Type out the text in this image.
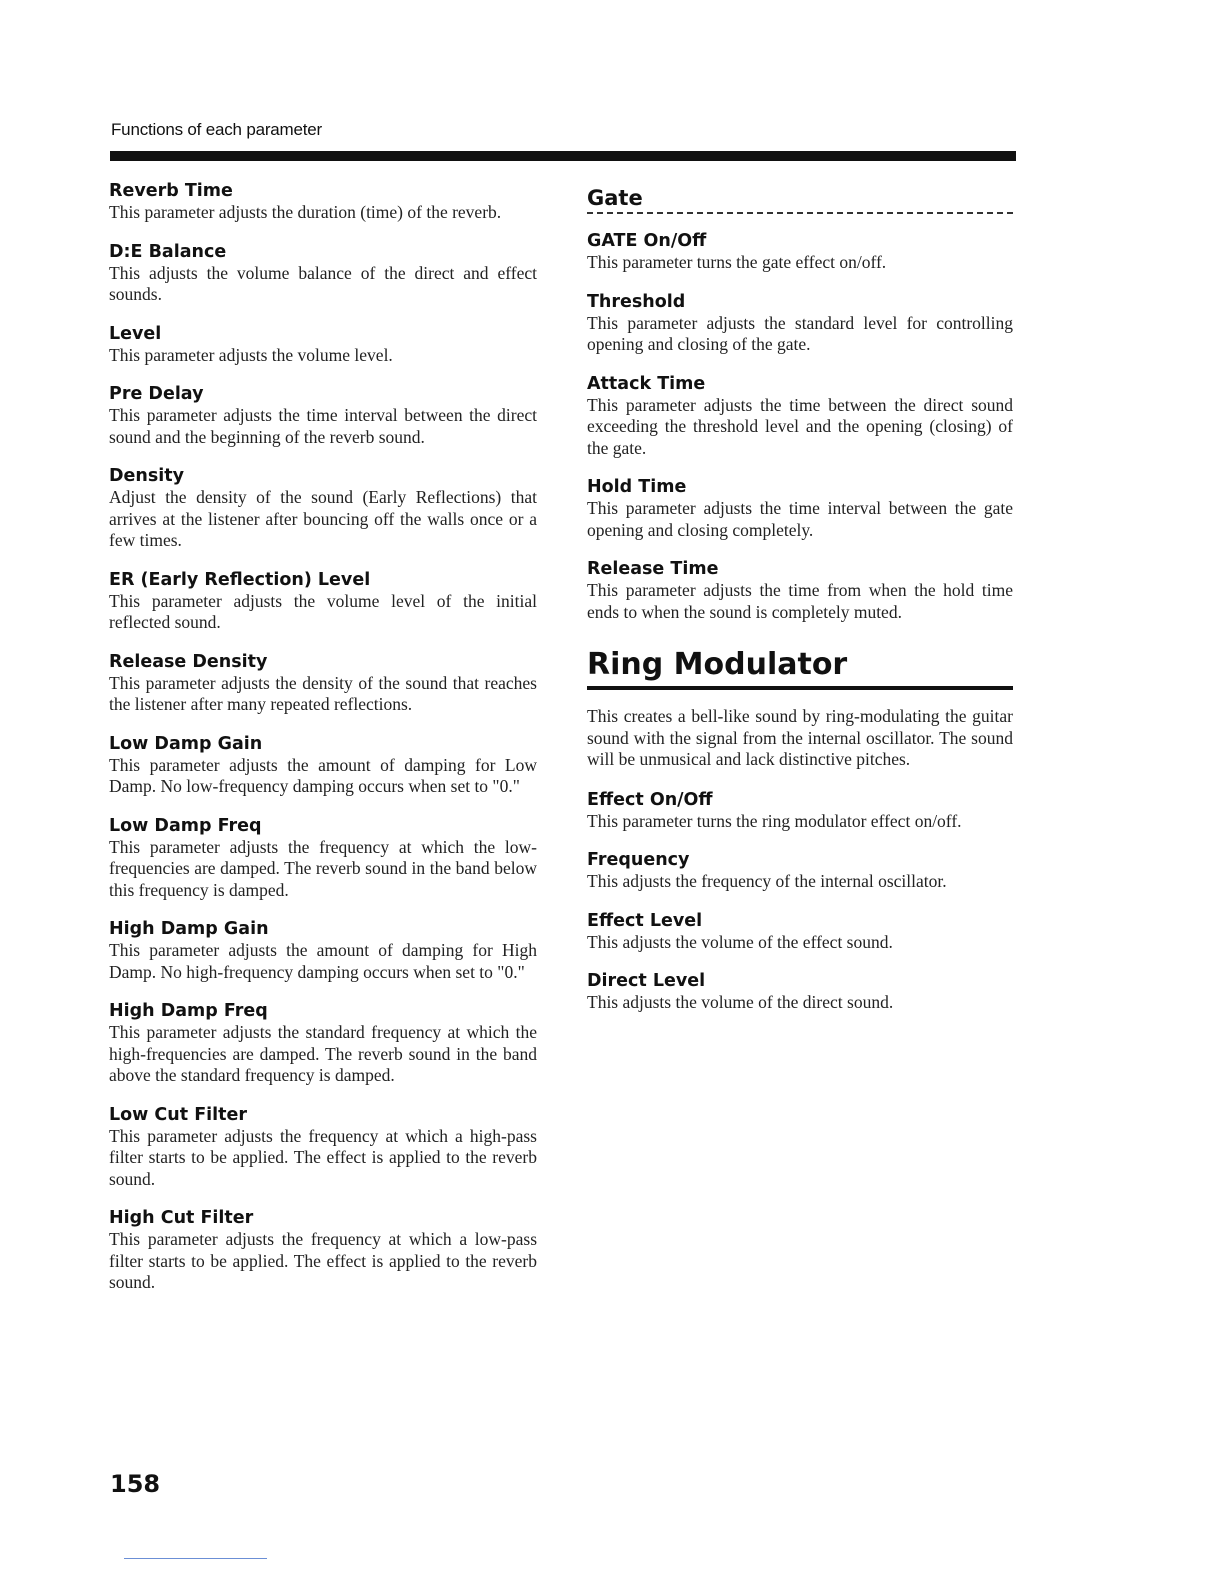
Functions of each parameter

Reverb Time

This parameter adjusts the duration (time) of the reverb.

D:E Balance

This adjusts the volume balance of the direct and effect sounds.

Level

This parameter adjusts the volume level.

Pre Delay

This parameter adjusts the time interval between the direct sound and the beginning of the reverb sound.

Density

Adjust the density of the sound (Early Reflections) that arrives at the listener after bouncing off the walls once or a few times.

ER (Early Reflection) Level

This parameter adjusts the volume level of the initial reflected sound.

Release Density

This parameter adjusts the density of the sound that reaches the listener after many repeated reflections.

Low Damp Gain

This parameter adjusts the amount of damping for Low Damp. No low-frequency damping occurs when set to "0."

Low Damp Freq

This parameter adjusts the frequency at which the low-frequencies are damped. The reverb sound in the band below this frequency is damped.

High Damp Gain

This parameter adjusts the amount of damping for High Damp. No high-frequency damping occurs when set to "0."

High Damp Freq

This parameter adjusts the standard frequency at which the high-frequencies are damped. The reverb sound in the band above the standard frequency is damped.

Low Cut Filter

This parameter adjusts the frequency at which a high-pass filter starts to be applied. The effect is applied to the reverb sound.

High Cut Filter

This parameter adjusts the frequency at which a low-pass filter starts to be applied. The effect is applied to the reverb sound.

Gate

GATE On/Off

This parameter turns the gate effect on/off.

Threshold

This parameter adjusts the standard level for controlling opening and closing of the gate.

Attack Time

This parameter adjusts the time between the direct sound exceeding the threshold level and the opening (closing) of the gate.

Hold Time

This parameter adjusts the time interval between the gate opening and closing completely.

Release Time

This parameter adjusts the time from when the hold time ends to when the sound is completely muted.

Ring Modulator

This creates a bell-like sound by ring-modulating the guitar sound with the signal from the internal oscillator. The sound will be unmusical and lack distinctive pitches.

Effect On/Off

This parameter turns the ring modulator effect on/off.

Frequency

This adjusts the frequency of the internal oscillator.

Effect Level

This adjusts the volume of the effect sound.

Direct Level

This adjusts the volume of the direct sound.

158
